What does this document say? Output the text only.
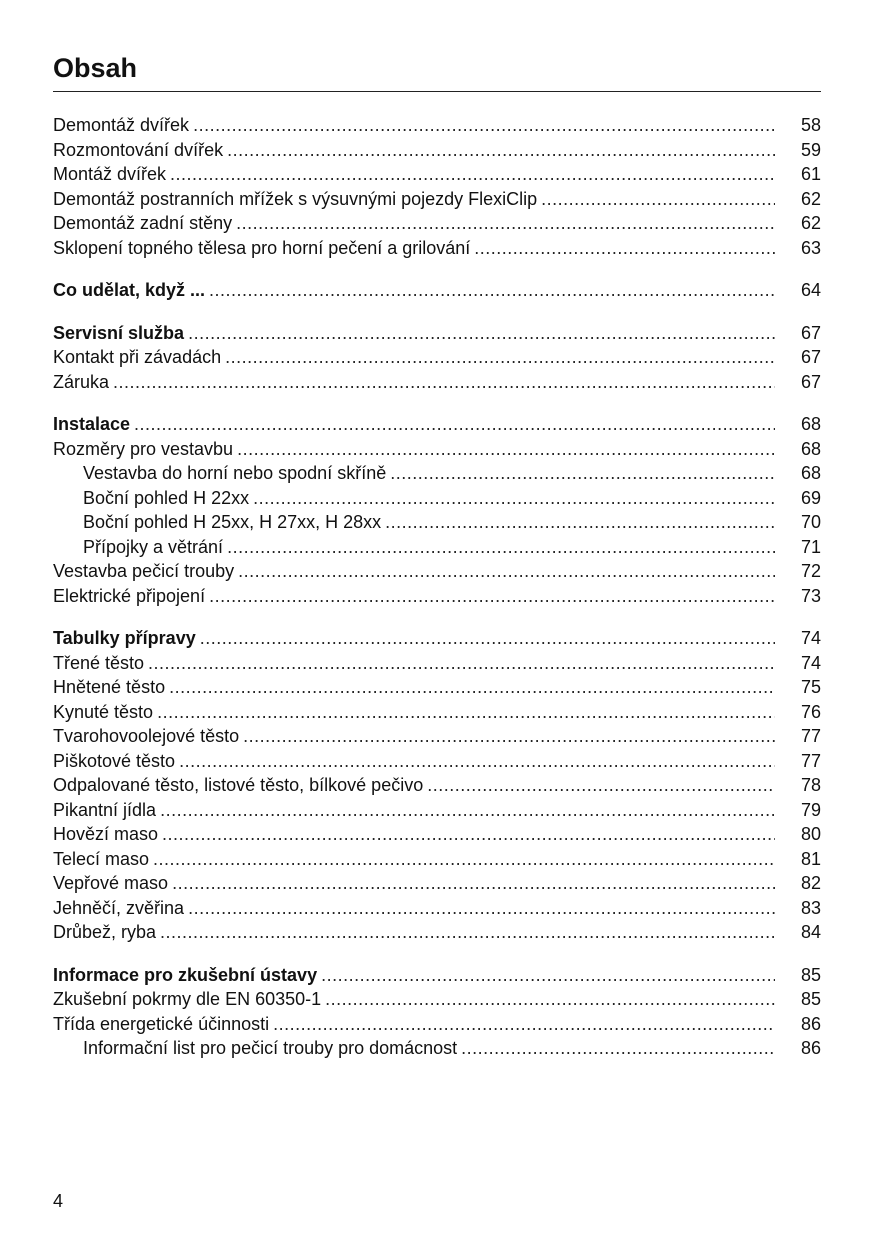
Obsah
Demontáž dvířek .....	58
Rozmontování dvířek .....	59
Montáž dvířek .....	61
Demontáž postranních mřížek s výsuvnými pojezdy FlexiClip .....	62
Demontáž zadní stěny .....	62
Sklopení topného tělesa pro horní pečení a grilování .....	63
Co udělat, když ... .....	64
Servisní služba .....	67
Kontakt při závadách .....	67
Záruka .....	67
Instalace .....	68
Rozměry pro vestavbu .....	68
Vestavba do horní nebo spodní skříně .....	68
Boční pohled H 22xx .....	69
Boční pohled H 25xx, H 27xx, H 28xx .....	70
Přípojky a větrání .....	71
Vestavba pečicí trouby .....	72
Elektrické připojení .....	73
Tabulky přípravy .....	74
Třené těsto .....	74
Hnětené těsto .....	75
Kynuté těsto .....	76
Tvarohovoolejové těsto .....	77
Piškotové těsto .....	77
Odpalované těsto, listové těsto, bílkové pečivo .....	78
Pikantní jídla .....	79
Hovězí maso .....	80
Telecí maso .....	81
Vepřové maso .....	82
Jehněčí, zvěřina .....	83
Drůbež, ryba .....	84
Informace pro zkušební ústavy .....	85
Zkušební pokrmy dle EN 60350-1 .....	85
Třída energetické účinnosti .....	86
Informační list pro pečicí trouby pro domácnost .....	86
4
